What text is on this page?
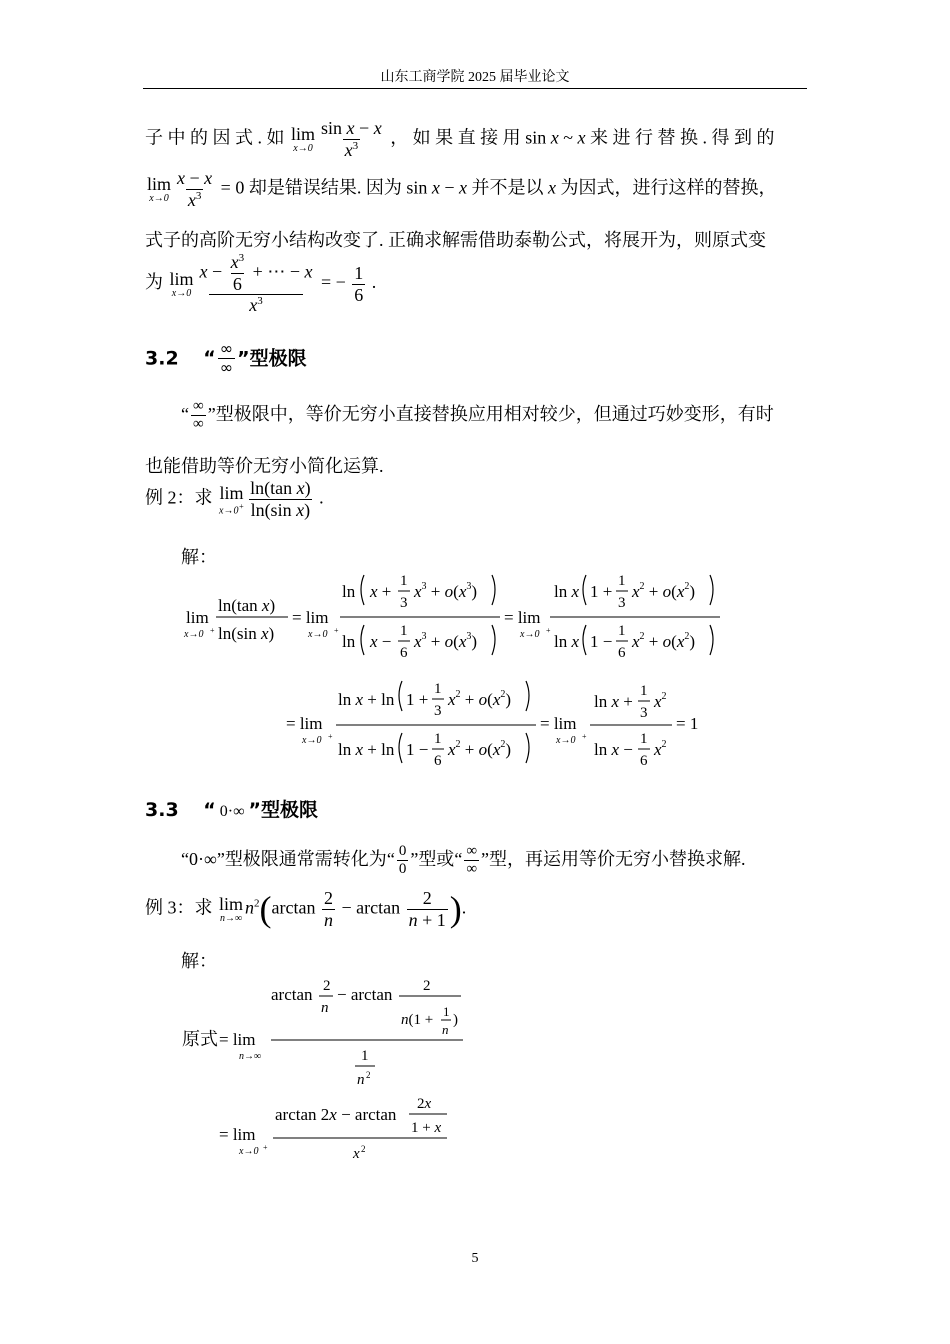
山东工商学院 2025 届毕业论文
子 中 的 因 式 . 如 lim
$x\to 0 \frac{\text{sin x − x}}{x^3}$ ， 如 果 直 接 用 sin x ~ x 来 进 行 替 换 . 得 到 的
lim
$x\to 0 \frac{x - x}{x^3} = 0$ 却是错误结果. 因为 sin x − x 并不是以 x 为因式，进行这样的替换，
式子的高阶无穷小结构改变了. 正确求解需借助泰勒公式，将展开为，则原式变
为 lim
$x\to 0 \frac{x - \frac{x^3}{6} + \cdots - x}{x^3}$ = − $\frac{1}{6}$ .
3.2 “ $\frac{\infty}{\infty}$ ”型极限
“ $\frac{\infty}{\infty}$ ”型极限中，等价无穷小直接替换应用相对较少，但通过巧妙变形，有时
也能借助等价无穷小简化运算.
例 2：求 lim
$x\to 0^+ \frac{\text{ln(tan x)}}{\text{ln(sin x)}}$ .
解：
lim
x→0 +
ln(tan x)
ln(sin x)
= lim
x→0 +
ln x +
1
3
$x^3 + o(x^3)$
ln x −
1
6
$x^3 + o(x^3)$
= lim
x→0 +
ln x 1 +
1
3
$x^2 + o(x^2)$
ln x 1 −
1
6
$x^2 + o(x^2)$
= lim
x→0 +
ln x + ln 1 +
1
3
$x^2 + o(x^2)$
ln x + ln 1 −
1
6
$x^2 + o(x^2)$
= lim
x→0 +
ln x +
1
3
$x^2$
ln x −
1
6
$x^2$
= 1
3.3 “ 0·∞ ”型极限
“0·∞”型极限通常需转化为“ $\frac{0}{0}$ ”型或“ $\frac{\infty}{\infty}$ ”型，再运用等价无穷小替换求解.
例 3：求 lim
n→∞
$n^2(\arctan \frac{2}{n} - \arctan \frac{2}{n + 1}$ ).
解：
原式 = lim
n→∞
arctan 2
n
− arctan 2
n(1 +
1
n
)
1
n 2
= lim
x→0 +
arctan 2x − arctan
2x
1 + x
x 2
5
